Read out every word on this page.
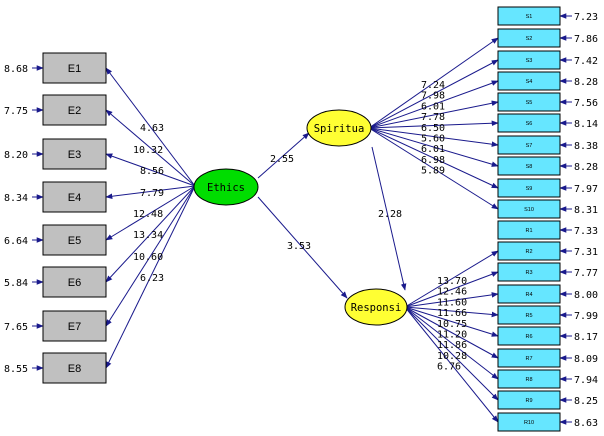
E1
8.68
E2
7.75
E3
8.20
E4
8.34
E5
6.64
E6
5.84
E7
7.65
E8
8.55
4.63
10.32
8.56
7.79
12.48
13.34
10.60
6.23
S1	7.23
S2	7.86
7.24
S3	7.42
7.98
S4	8.28
6.01	S5	7.56
7.78
S6	8.14
6.50
S7	8.38
5.60
S8	8.28
6.01
S9	7.97
6.98
S10	8.31
5.89
R1	7.33
R2	7.31
13.70
R3	7.77
12.46	R4	8.00
11.60
R5	7.99
11.66
R6	8.17
10.75
R7	8.09
11.20
R8	7.94
11.86
R9	8.25
10.28
R10	8.63
6.76
2.55
3.53
2.28
Ethics
Spiritua
Responsi
